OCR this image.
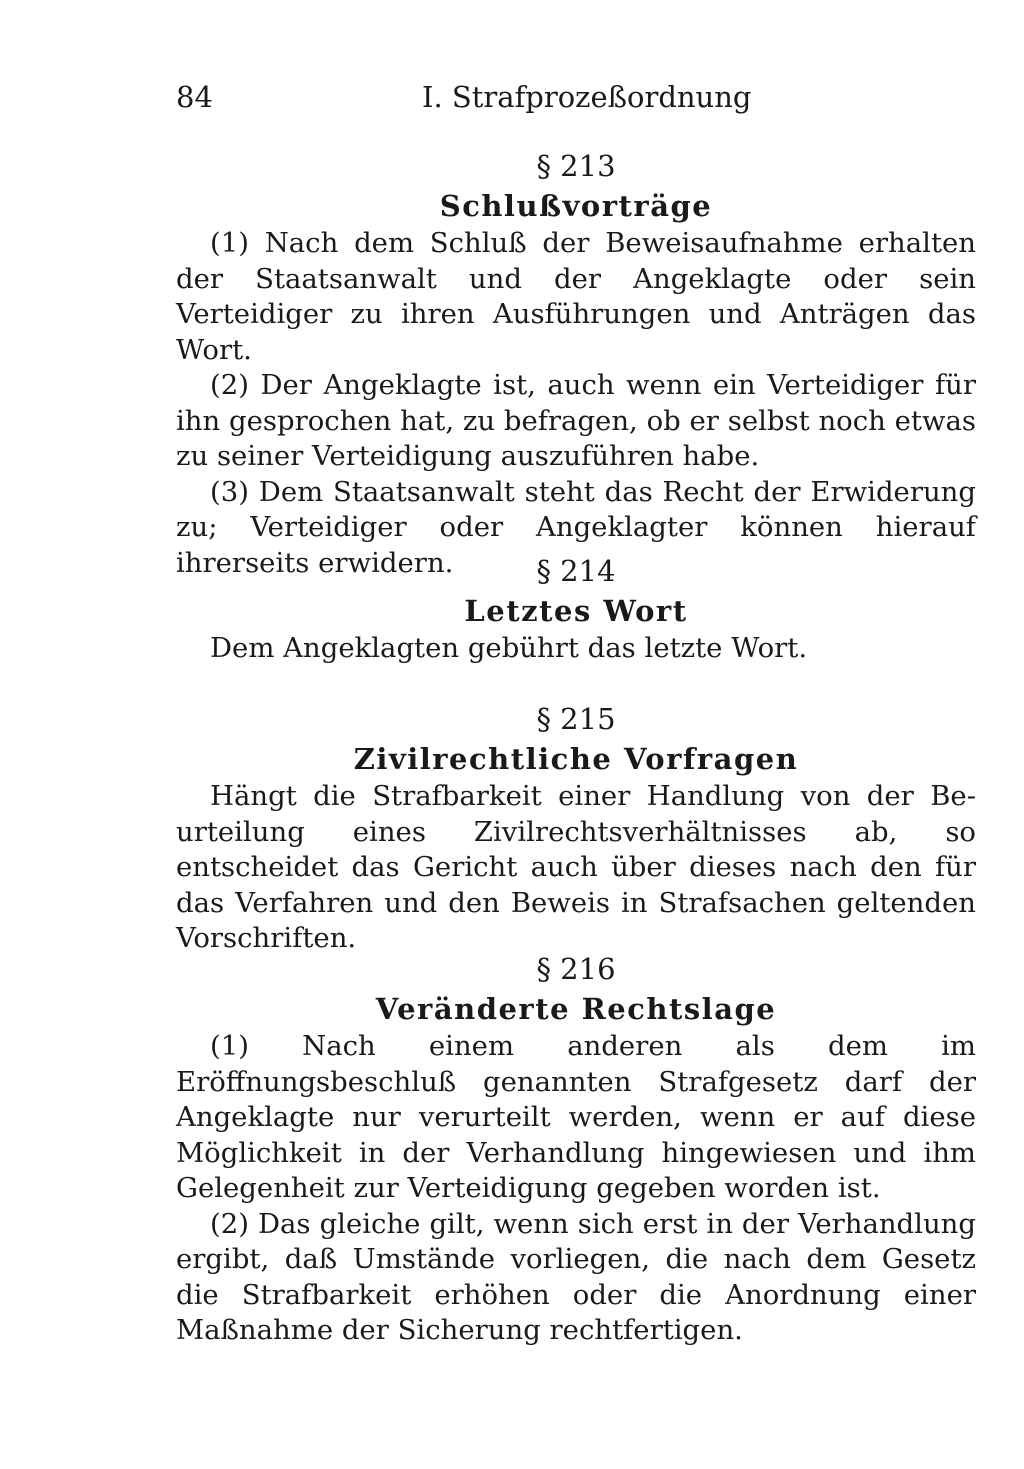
84	I. Strafprozeßordnung
§ 213
Schlußvorträge

(1) Nach dem Schluß der Beweisaufnahme erhalten der Staatsanwalt und der Angeklagte oder sein Verteidiger zu ihren Ausführungen und Anträgen das Wort.

(2) Der Angeklagte ist, auch wenn ein Verteidiger für ihn gesprochen hat, zu befragen, ob er selbst noch etwas zu seiner Verteidigung auszuführen habe.

(3) Dem Staatsanwalt steht das Recht der Erwiderung zu; Verteidiger oder Angeklagter können hierauf ihrerseits erwidern.	§ 214
Letztes Wort

Dem Angeklagten gebührt das letzte Wort.

§ 215
Zivilrechtliche Vorfragen

Hängt die Strafbarkeit einer Handlung von der Beurteilung eines Zivilrechtsverhältnisses ab, so entscheidet das Gericht auch über dieses nach den für das Verfahren und den Beweis in Strafsachen geltenden Vorschriften.

§ 216
Veränderte Rechtslage

(1) Nach einem anderen als dem im Eröffnungsbeschluß genannten Strafgesetz darf der Angeklagte nur verurteilt werden, wenn er auf diese Möglichkeit in der Verhandlung hingewiesen und ihm Gelegenheit zur Verteidigung gegeben worden ist.

(2) Das gleiche gilt, wenn sich erst in der Verhandlung ergibt, daß Umstände vorliegen, die nach dem Gesetz die Strafbarkeit erhöhen oder die Anordnung einer Maßnahme der Sicherung rechtfertigen.
